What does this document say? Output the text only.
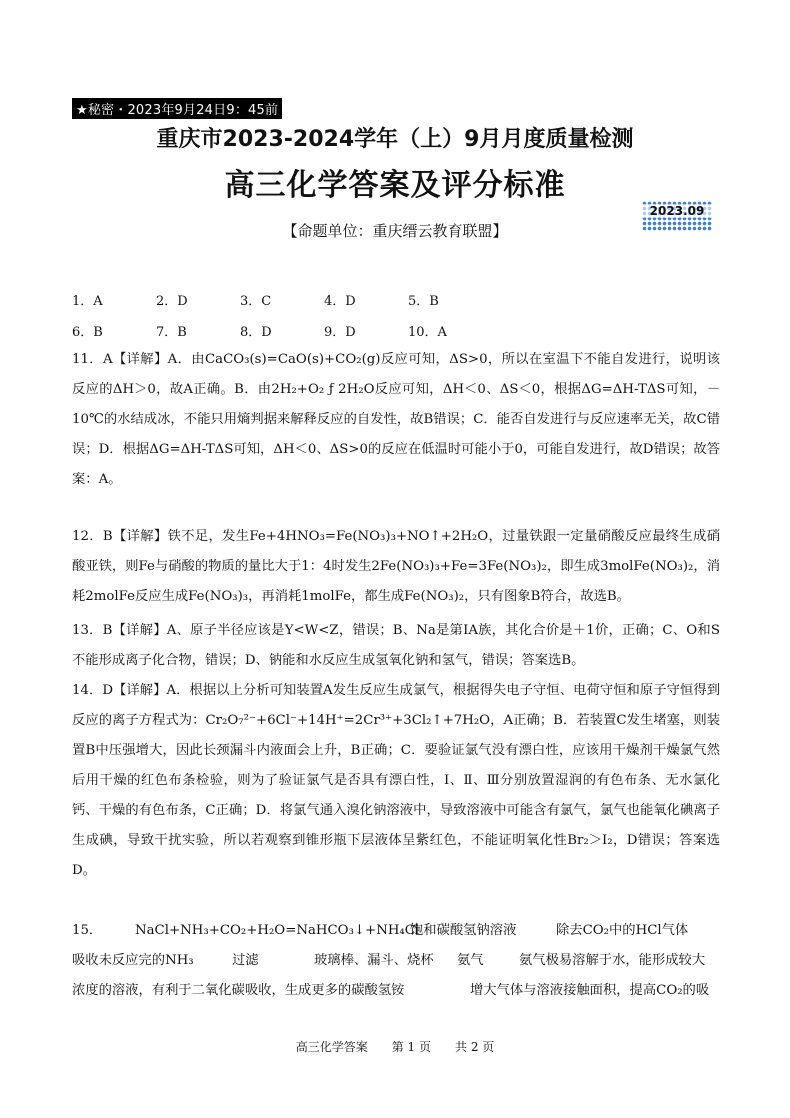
★秘密・2023年9月24日9：45前
重庆市2023-2024学年（上）9月月度质量检测
高三化学答案及评分标准
2023.09
【命题单位：重庆缙云教育联盟】
1．A	2．D	3．C	4．D	5．B
6．B	7．B	8．D	9．D	10．A

11．A【详解】A．由CaCO₃(s)=CaO(s)+CO₂(g)反应可知，ΔS>0，所以在室温下不能自发进行，说明该反应的ΔH＞0，故A正确。B．由2H₂+O₂ ƒ 2H₂O反应可知，ΔH＜0、ΔS＜0，根据ΔG=ΔH-TΔS可知，－10℃的水结成冰，不能只用熵判据来解释反应的自发性，故B错误；C．能否自发进行与反应速率无关，故C错误；D．根据ΔG=ΔH-TΔS可知，ΔH＜0、ΔS>0的反应在低温时可能小于0，可能自发进行，故D错误；故答案：A。

12．B【详解】铁不足，发生Fe+4HNO₃=Fe(NO₃)₃+NO↑+2H₂O，过量铁跟一定量硝酸反应最终生成硝酸亚铁，则Fe与硝酸的物质的量比大于1：4时发生2Fe(NO₃)₃+Fe=3Fe(NO₃)₂，即生成3molFe(NO₃)₂，消耗2molFe反应生成Fe(NO₃)₃，再消耗1molFe，都生成Fe(NO₃)₂，只有图象B符合，故选B。

13．B【详解】A、原子半径应该是Y<W<Z，错误；B、Na是第IA族，其化合价是＋1价，正确；C、O和S不能形成离子化合物，错误；D、钠能和水反应生成氢氧化钠和氢气，错误；答案选B。

14．D【详解】A．根据以上分析可知装置A发生反应生成氯气，根据得失电子守恒、电荷守恒和原子守恒得到反应的离子方程式为：Cr₂O₇²⁻+6Cl⁻+14H⁺=2Cr³⁺+3Cl₂↑+7H₂O，A正确；B．若装置C发生堵塞，则装置B中压强增大，因此长颈漏斗内液面会上升，B正确；C．要验证氯气没有漂白性，应该用干燥剂干燥氯气然后用干燥的红色布条检验，则为了验证氯气是否具有漂白性，Ⅰ、Ⅱ、Ⅲ分别放置湿润的有色布条、无水氯化钙、干燥的有色布条，C正确；D．将氯气通入溴化钠溶液中，导致溶液中可能含有氯气，氯气也能氧化碘离子生成碘，导致干扰实验，所以若观察到锥形瓶下层液体呈紫红色，不能证明氧化性Br₂＞I₂，D错误；答案选D。

15． NaCl+NH₃+CO₂+H₂O=NaHCO₃↓+NH₄Cl
饱和碳酸氢钠溶液	除去CO₂中的HCl气体
吸收未反应完的NH₃	过滤	玻璃棒、漏斗、烧杯 氨气	氨气极易溶解于水，能形成较大
浓度的溶液，有利于二氧化碳吸收，生成更多的碳酸氢铵	增大气体与溶液接触面积，提高CO₂的吸
高三化学答案　　第 1 页　　共 2 页
